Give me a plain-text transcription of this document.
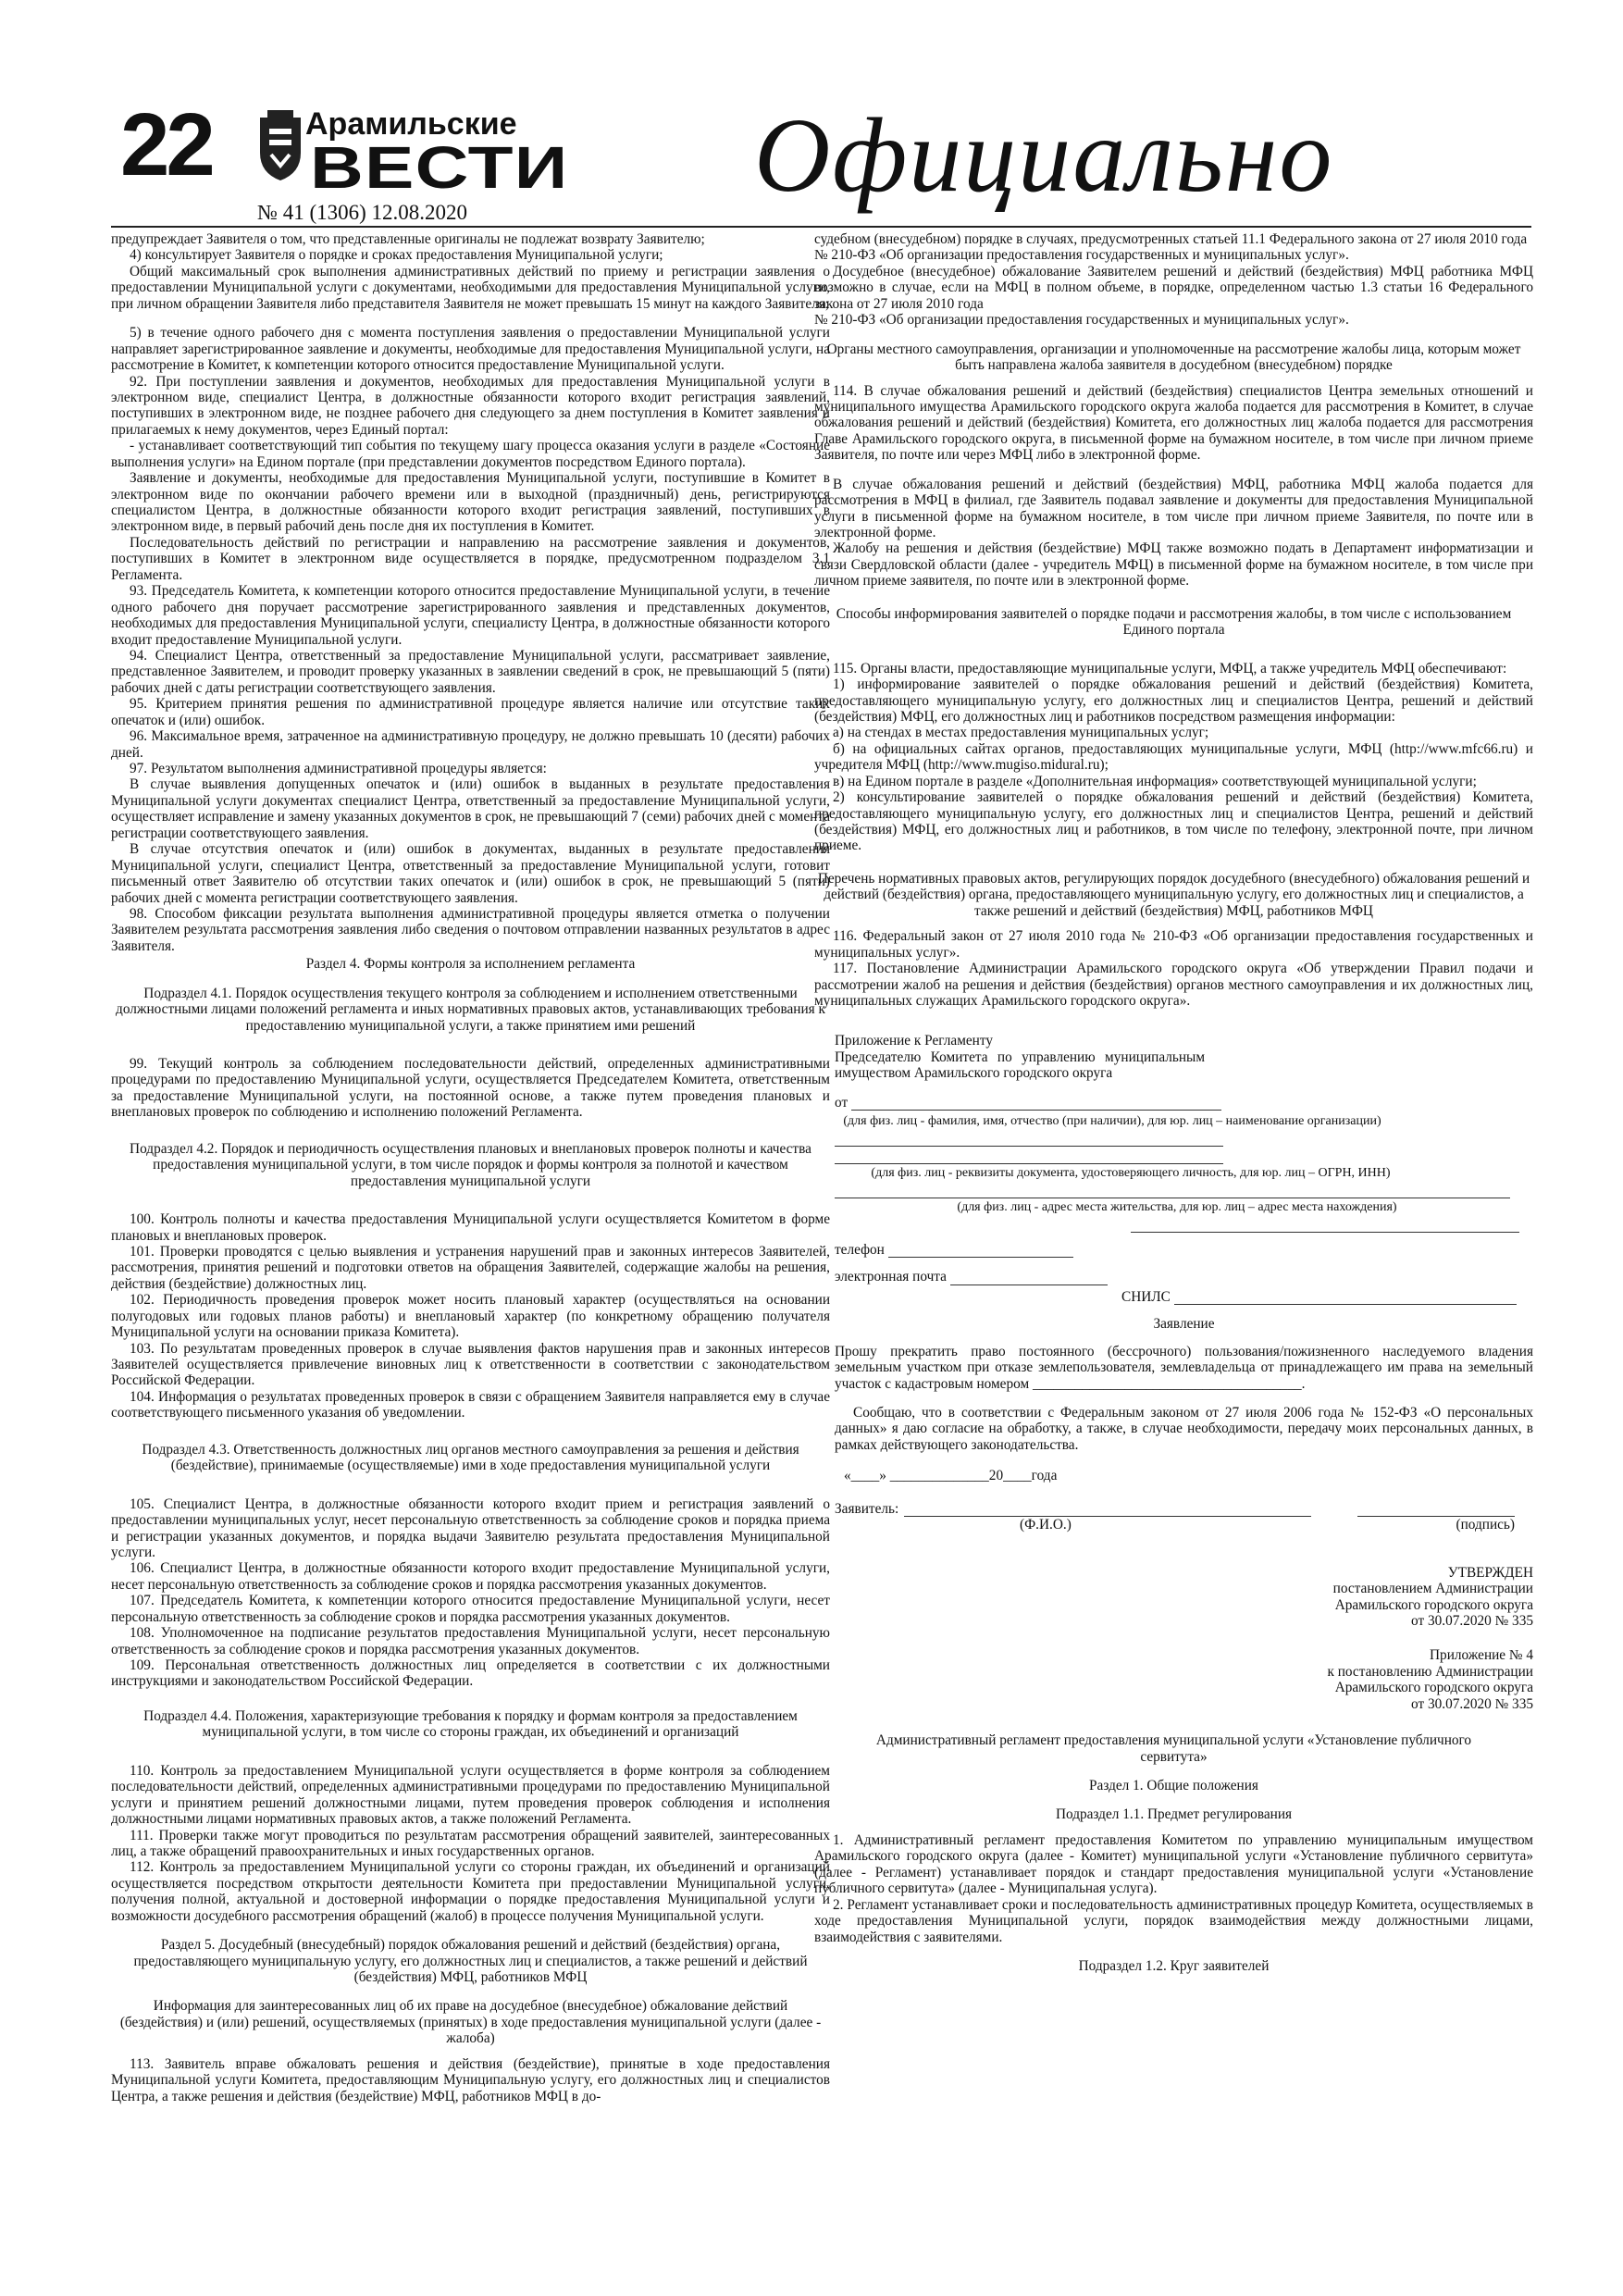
22	Арамильские
ВЕСТИ
№ 41 (1306) 12.08.2020	Официально

предупреждает Заявителя о том, что представленные оригиналы не подлежат возврату Заявителю;

4) консультирует Заявителя о порядке и сроках предоставления Муниципальной услуги;

Общий максимальный срок выполнения административных действий по приему и регистрации заявления о предоставлении Муниципальной услуги с документами, необходимыми для предоставления Муниципальной услуги, при личном обращении Заявителя либо представителя Заявителя не может превышать 15 минут на каждого Заявителя;

5) в течение одного рабочего дня с момента поступления заявления о предоставлении Муниципальной услуги направляет зарегистрированное заявление и документы, необходимые для предоставления Муниципальной услуги, на рассмотрение в Комитет, к компетенции которого относится предоставление Муниципальной услуги.

92. При поступлении заявления и документов, необходимых для предоставления Муниципальной услуги в электронном виде, специалист Центра, в должностные обязанности которого входит регистрация заявлений, поступивших в электронном виде, не позднее рабочего дня следующего за днем поступления в Комитет заявления и прилагаемых к нему документов, через Единый портал:

- устанавливает соответствующий тип события по текущему шагу процесса оказания услуги в разделе «Состояние выполнения услуги» на Едином портале (при представлении документов посредством Единого портала).

Заявление и документы, необходимые для предоставления Муниципальной услуги, поступившие в Комитет в электронном виде по окончании рабочего времени или в выходной (праздничный) день, регистрируются специалистом Центра, в должностные обязанности которого входит регистрация заявлений, поступивших в электронном виде, в первый рабочий день после дня их поступления в Комитет.

Последовательность действий по регистрации и направлению на рассмотрение заявления и документов, поступивших в Комитет в электронном виде осуществляется в порядке, предусмотренном подразделом 3.1 Регламента.

93. Председатель Комитета, к компетенции которого относится предоставление Муниципальной услуги, в течение одного рабочего дня поручает рассмотрение зарегистрированного заявления и представленных документов, необходимых для предоставления Муниципальной услуги, специалисту Центра, в должностные обязанности которого входит предоставление Муниципальной услуги.

94. Специалист Центра, ответственный за предоставление Муниципальной услуги, рассматривает заявление, представленное Заявителем, и проводит проверку указанных в заявлении сведений в срок, не превышающий 5 (пяти) рабочих дней с даты регистрации соответствующего заявления.

95. Критерием принятия решения по административной процедуре является наличие или отсутствие таких опечаток и (или) ошибок.

96. Максимальное время, затраченное на административную процедуру, не должно превышать 10 (десяти) рабочих дней.

97. Результатом выполнения административной процедуры является:

В случае выявления допущенных опечаток и (или) ошибок в выданных в результате предоставления Муниципальной услуги документах специалист Центра, ответственный за предоставление Муниципальной услуги, осуществляет исправление и замену указанных документов в срок, не превышающий 7 (семи) рабочих дней с момента регистрации соответствующего заявления.

В случае отсутствия опечаток и (или) ошибок в документах, выданных в результате предоставления Муниципальной услуги, специалист Центра, ответственный за предоставление Муниципальной услуги, готовит письменный ответ Заявителю об отсутствии таких опечаток и (или) ошибок в срок, не превышающий 5 (пяти) рабочих дней с момента регистрации соответствующего заявления.

98. Способом фиксации результата выполнения административной процедуры является отметка о получении Заявителем результата рассмотрения заявления либо сведения о почтовом отправлении названных результатов в адрес Заявителя.

Раздел 4. Формы контроля за исполнением регламента

Подраздел 4.1. Порядок осуществления текущего контроля за соблюдением и исполнением ответственными должностными лицами положений регламента и иных нормативных правовых актов, устанавливающих требования к предоставлению муниципальной услуги, а также принятием ими решений

99. Текущий контроль за соблюдением последовательности действий, определенных административными процедурами по предоставлению Муниципальной услуги, осуществляется Председателем Комитета, ответственным за предоставление Муниципальной услуги, на постоянной основе, а также путем проведения плановых и внеплановых проверок по соблюдению и исполнению положений Регламента.

Подраздел 4.2. Порядок и периодичность осуществления плановых и внеплановых проверок полноты и качества предоставления муниципальной услуги, в том числе порядок и формы контроля за полнотой и качеством предоставления муниципальной услуги

100. Контроль полноты и качества предоставления Муниципальной услуги осуществляется Комитетом в форме плановых и внеплановых проверок.

101. Проверки проводятся с целью выявления и устранения нарушений прав и законных интересов Заявителей, рассмотрения, принятия решений и подготовки ответов на обращения Заявителей, содержащие жалобы на решения, действия (бездействие) должностных лиц.

102. Периодичность проведения проверок может носить плановый характер (осуществляться на основании полугодовых или годовых планов работы) и внеплановый характер (по конкретному обращению получателя Муниципальной услуги на основании приказа Комитета).

103. По результатам проведенных проверок в случае выявления фактов нарушения прав и законных интересов Заявителей осуществляется привлечение виновных лиц к ответственности в соответствии с законодательством Российской Федерации.

104. Информация о результатах проведенных проверок в связи с обращением Заявителя направляется ему в случае соответствующего письменного указания об уведомлении.

Подраздел 4.3. Ответственность должностных лиц органов местного самоуправления за решения и действия (бездействие), принимаемые (осуществляемые) ими в ходе предоставления муниципальной услуги

105. Специалист Центра, в должностные обязанности которого входит прием и регистрация заявлений о предоставлении муниципальных услуг, несет персональную ответственность за соблюдение сроков и порядка приема и регистрации указанных документов, и порядка выдачи Заявителю результата предоставления Муниципальной услуги.

106. Специалист Центра, в должностные обязанности которого входит предоставление Муниципальной услуги, несет персональную ответственность за соблюдение сроков и порядка рассмотрения указанных документов.

107. Председатель Комитета, к компетенции которого относится предоставление Муниципальной услуги, несет персональную ответственность за соблюдение сроков и порядка рассмотрения указанных документов.

108. Уполномоченное на подписание результатов предоставления Муниципальной услуги, несет персональную ответственность за соблюдение сроков и порядка рассмотрения указанных документов.

109. Персональная ответственность должностных лиц определяется в соответствии с их должностными инструкциями и законодательством Российской Федерации.

Подраздел 4.4. Положения, характеризующие требования к порядку и формам контроля за предоставлением муниципальной услуги, в том числе со стороны граждан, их объединений и организаций

110. Контроль за предоставлением Муниципальной услуги осуществляется в форме контроля за соблюдением последовательности действий, определенных административными процедурами по предоставлению Муниципальной услуги и принятием решений должностными лицами, путем проведения проверок соблюдения и исполнения должностными лицами нормативных правовых актов, а также положений Регламента.

111. Проверки также могут проводиться по результатам рассмотрения обращений заявителей, заинтересованных лиц, а также обращений правоохранительных и иных государственных органов.

112. Контроль за предоставлением Муниципальной услуги со стороны граждан, их объединений и организаций осуществляется посредством открытости деятельности Комитета при предоставлении Муниципальной услуги, получения полной, актуальной и достоверной информации о порядке предоставления Муниципальной услуги и возможности досудебного рассмотрения обращений (жалоб) в процессе получения Муниципальной услуги.

Раздел 5. Досудебный (внесудебный) порядок обжалования решений и действий (бездействия) органа, предоставляющего муниципальную услугу, его должностных лиц и специалистов, а также решений и действий (бездействия) МФЦ, работников МФЦ

Информация для заинтересованных лиц об их праве на досудебное (внесудебное) обжалование действий (бездействия) и (или) решений, осуществляемых (принятых) в ходе предоставления муниципальной услуги (далее - жалоба)

113. Заявитель вправе обжаловать решения и действия (бездействие), принятые в ходе предоставления Муниципальной услуги Комитета, предоставляющим Муниципальную услугу, его должностных лиц и специалистов Центра, а также решения и действия (бездействие) МФЦ, работников МФЦ в до-

судебном (внесудебном) порядке в случаях, предусмотренных статьей 11.1 Федерального закона от 27 июля 2010 года

№ 210-ФЗ «Об организации предоставления государственных и муниципальных услуг».

Досудебное (внесудебное) обжалование Заявителем решений и действий (бездействия) МФЦ работника МФЦ возможно в случае, если на МФЦ в полном объеме, в порядке, определенном частью 1.3 статьи 16 Федерального закона от 27 июля 2010 года

№ 210-ФЗ «Об организации предоставления государственных и муниципальных услуг».

Органы местного самоуправления, организации и уполномоченные на рассмотрение жалобы лица, которым может быть направлена жалоба заявителя в досудебном (внесудебном) порядке

114. В случае обжалования решений и действий (бездействия) специалистов Центра земельных отношений и муниципального имущества Арамильского городского округа жалоба подается для рассмотрения в Комитет, в случае обжалования решений и действий (бездействия) Комитета, его должностных лиц жалоба подается для рассмотрения Главе Арамильского городского округа, в письменной форме на бумажном носителе, в том числе при личном приеме Заявителя, по почте или через МФЦ либо в электронной форме.

В случае обжалования решений и действий (бездействия) МФЦ, работника МФЦ жалоба подается для рассмотрения в МФЦ в филиал, где Заявитель подавал заявление и документы для предоставления Муниципальной услуги в письменной форме на бумажном носителе, в том числе при личном приеме Заявителя, по почте или в электронной форме.

Жалобу на решения и действия (бездействие) МФЦ также возможно подать в Департамент информатизации и связи Свердловской области (далее - учредитель МФЦ) в письменной форме на бумажном носителе, в том числе при личном приеме заявителя, по почте или в электронной форме.

Способы информирования заявителей о порядке подачи и рассмотрения жалобы, в том числе с использованием Единого портала

115. Органы власти, предоставляющие муниципальные услуги, МФЦ, а также учредитель МФЦ обеспечивают:

1) информирование заявителей о порядке обжалования решений и действий (бездействия) Комитета, предоставляющего муниципальную услугу, его должностных лиц и специалистов Центра, решений и действий (бездействия) МФЦ, его должностных лиц и работников посредством размещения информации:

а) на стендах в местах предоставления муниципальных услуг;

б) на официальных сайтах органов, предоставляющих муниципальные услуги, МФЦ (http://www.mfc66.ru) и учредителя МФЦ (http://www.mugiso.midural.ru);

в) на Едином портале в разделе «Дополнительная информация» соответствующей муниципальной услуги;

2) консультирование заявителей о порядке обжалования решений и действий (бездействия) Комитета, предоставляющего муниципальную услугу, его должностных лиц и специалистов Центра, решений и действий (бездействия) МФЦ, его должностных лиц и работников, в том числе по телефону, электронной почте, при личном приеме.

Перечень нормативных правовых актов, регулирующих порядок досудебного (внесудебного) обжалования решений и действий (бездействия) органа, предоставляющего муниципальную услугу, его должностных лиц и специалистов, а также решений и действий (бездействия) МФЦ, работников МФЦ

116. Федеральный закон от 27 июля 2010 года № 210-ФЗ «Об организации предоставления государственных и муниципальных услуг».

117. Постановление Администрации Арамильского городского округа «Об утверждении Правил подачи и рассмотрении жалоб на решения и действия (бездействия) органов местного самоуправления и их должностных лиц, муниципальных служащих Арамильского городского округа».

Приложение к Регламенту
Председателю Комитета по управлению муниципальным имуществом Арамильского городского округа
от
(для физ. лиц - фамилия, имя, отчество (при наличии), для юр. лиц – наименование организации)
(для физ. лиц - реквизиты документа, удостоверяющего личность, для юр. лиц – ОГРН, ИНН)
(для физ. лиц - адрес места жительства, для юр. лиц – адрес места нахождения)
телефон
электронная почта
СНИЛС
Заявление

Прошу прекратить право постоянного (бессрочного) пользования/пожизненного наследуемого владения земельным участком при отказе землепользователя, землевладельца от принадлежащего им права на земельный участок с кадастровым номером ______________________________________.

Сообщаю, что в соответствии с Федеральным законом от 27 июля 2006 года № 152-ФЗ «О персональных данных» я даю согласие на обработку, а также, в случае необходимости, передачу моих персональных данных, в рамках действующего законодательства.

«____» ______________20____года
Заявитель:
(Ф.И.О.)	(подпись)
УТВЕРЖДЕН
постановлением Администрации
Арамильского городского округа
от 30.07.2020 № 335
Приложение № 4
к постановлению Администрации
Арамильского городского округа
от 30.07.2020 № 335

Административный регламент предоставления муниципальной услуги «Установление публичного сервитута»

Раздел 1. Общие положения

Подраздел 1.1. Предмет регулирования

1. Административный регламент предоставления Комитетом по управлению муниципальным имуществом Арамильского городского округа (далее - Комитет) муниципальной услуги «Установление публичного сервитута» (далее - Регламент) устанавливает порядок и стандарт предоставления муниципальной услуги «Установление публичного сервитута» (далее - Муниципальная услуга).

2. Регламент устанавливает сроки и последовательность административных процедур Комитета, осуществляемых в ходе предоставления Муниципальной услуги, порядок взаимодействия между должностными лицами, взаимодействия с заявителями.

Подраздел 1.2. Круг заявителей
